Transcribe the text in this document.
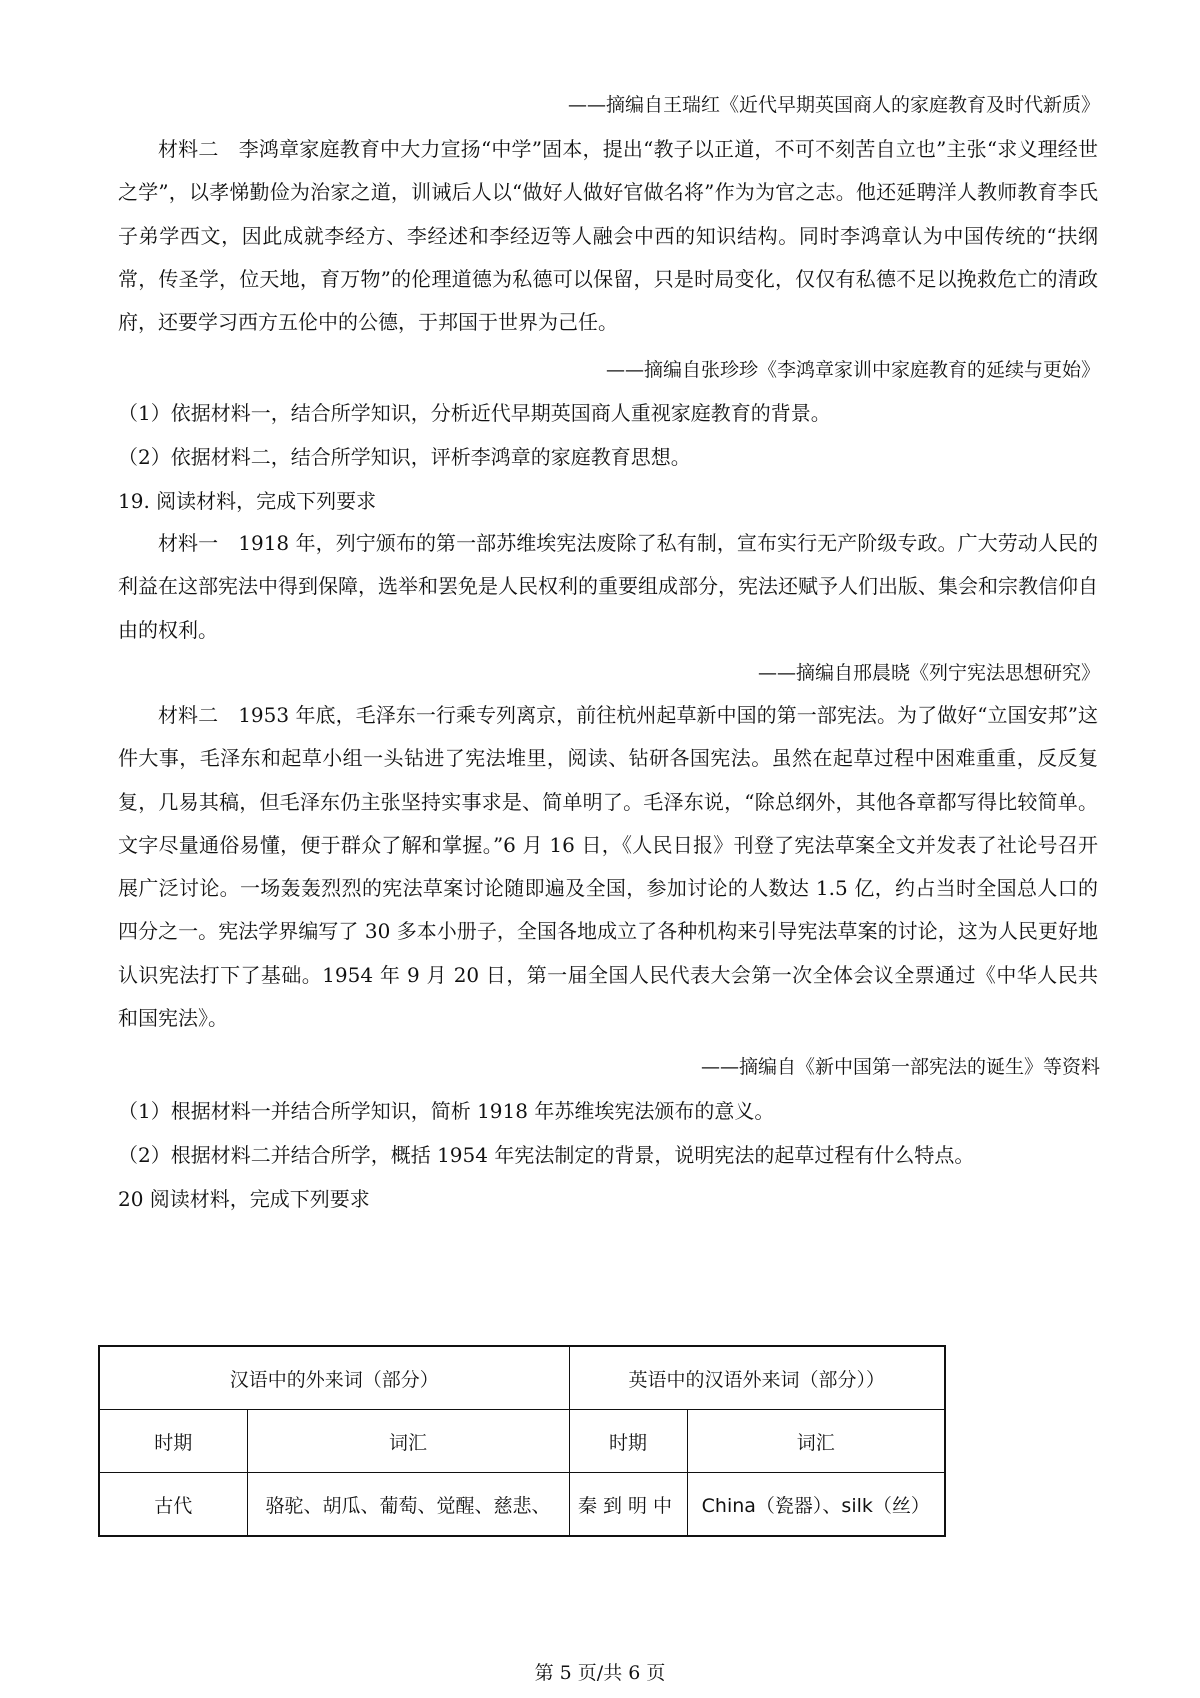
——摘编自王瑞红《近代早期英国商人的家庭教育及时代新质》

材料二　李鸿章家庭教育中大力宣扬“中学”固本，提出“教子以正道，不可不刻苦自立也”主张“求义理经世之学”，以孝悌勤俭为治家之道，训诫后人以“做好人做好官做名将”作为为官之志。他还延聘洋人教师教育李氏子弟学西文，因此成就李经方、李经述和李经迈等人融会中西的知识结构。同时李鸿章认为中国传统的“扶纲常，传圣学，位天地，育万物”的伦理道德为私德可以保留，只是时局变化，仅仅有私德不足以挽救危亡的清政府，还要学习西方五伦中的公德，于邦国于世界为己任。

——摘编自张珍珍《李鸿章家训中家庭教育的延续与更始》
（1）依据材料一，结合所学知识，分析近代早期英国商人重视家庭教育的背景。
（2）依据材料二，结合所学知识，评析李鸿章的家庭教育思想。
19. 阅读材料，完成下列要求

材料一　1918 年，列宁颁布的第一部苏维埃宪法废除了私有制，宣布实行无产阶级专政。广大劳动人民的利益在这部宪法中得到保障，选举和罢免是人民权利的重要组成部分，宪法还赋予人们出版、集会和宗教信仰自由的权利。

——摘编自邢晨晓《列宁宪法思想研究》

材料二　1953 年底，毛泽东一行乘专列离京，前往杭州起草新中国的第一部宪法。为了做好“立国安邦”这件大事，毛泽东和起草小组一头钻进了宪法堆里，阅读、钻研各国宪法。虽然在起草过程中困难重重，反反复复，几易其稿，但毛泽东仍主张坚持实事求是、简单明了。毛泽东说，“除总纲外，其他各章都写得比较简单。文字尽量通俗易懂，便于群众了解和掌握。”6 月 16 日，《人民日报》刊登了宪法草案全文并发表了社论号召开展广泛讨论。一场轰轰烈烈的宪法草案讨论随即遍及全国，参加讨论的人数达 1.5 亿，约占当时全国总人口的四分之一。宪法学界编写了 30 多本小册子，全国各地成立了各种机构来引导宪法草案的讨论，这为人民更好地认识宪法打下了基础。1954 年 9 月 20 日，第一届全国人民代表大会第一次全体会议全票通过《中华人民共和国宪法》。

——摘编自《新中国第一部宪法的诞生》等资料
（1）根据材料一并结合所学知识，简析 1918 年苏维埃宪法颁布的意义。
（2）根据材料二并结合所学，概括 1954 年宪法制定的背景，说明宪法的起草过程有什么特点。
20 阅读材料，完成下列要求
汉语中的外来词（部分）		英语中的汉语外来词（部分））	
时期	词汇	时期	词汇
古代	骆驼、胡瓜、葡萄、觉醒、慈悲、	秦到明中	China（瓷器）、silk（丝）
第 5 页/共 6 页
